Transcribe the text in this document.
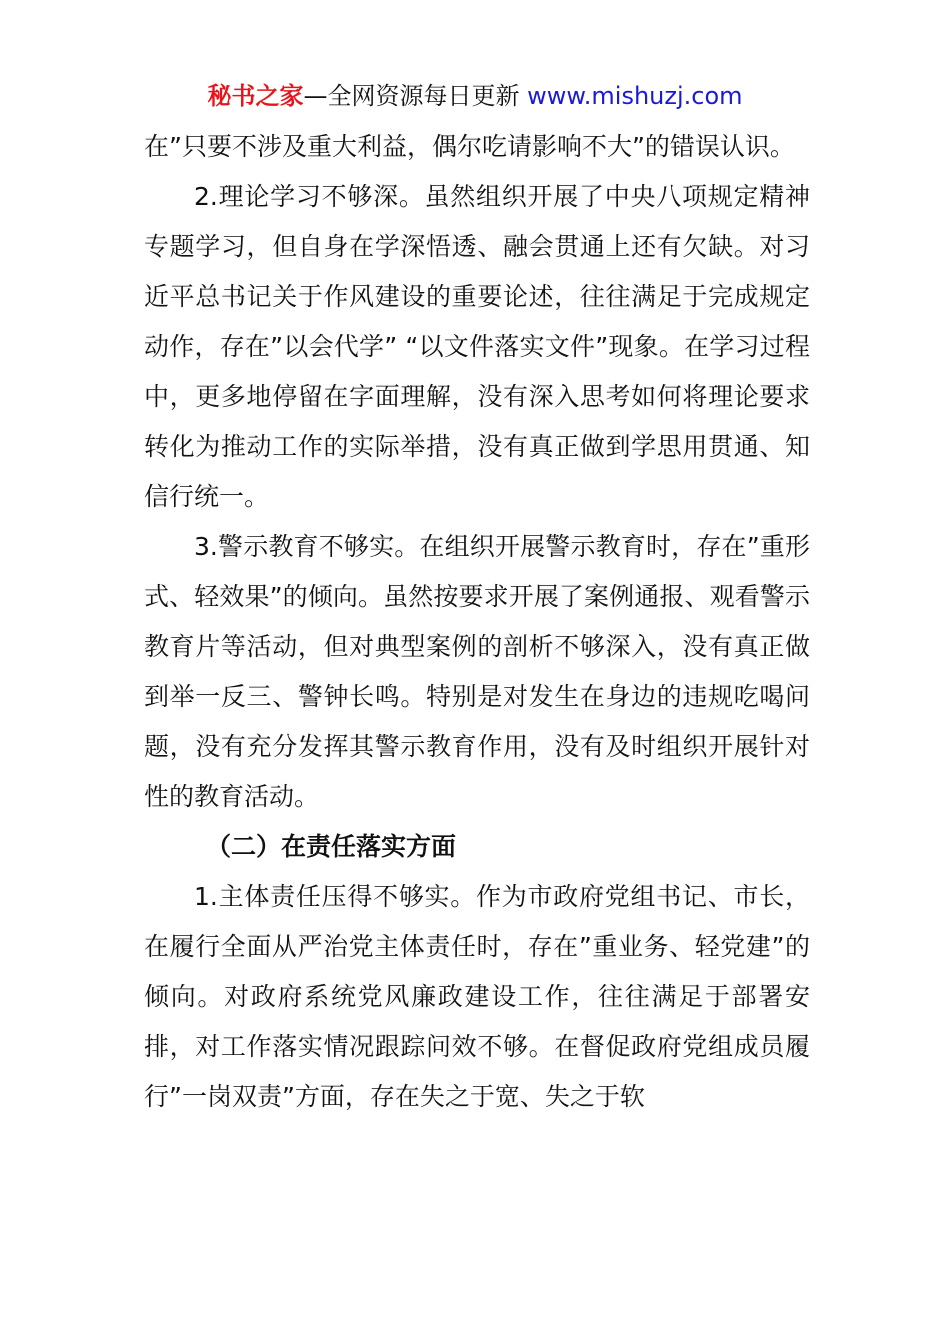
秘书之家—全网资源每日更新 www.mishuzj.com

在”只要不涉及重大利益，偶尔吃请影响不大”的错误认识。

2.理论学习不够深。虽然组织开展了中央八项规定精神专题学习，但自身在学深悟透、融会贯通上还有欠缺。对习近平总书记关于作风建设的重要论述，往往满足于完成规定动作，存在”以会代学” “以文件落实文件”现象。在学习过程中，更多地停留在字面理解，没有深入思考如何将理论要求转化为推动工作的实际举措，没有真正做到学思用贯通、知信行统一。

3.警示教育不够实。在组织开展警示教育时，存在”重形式、轻效果”的倾向。虽然按要求开展了案例通报、观看警示教育片等活动，但对典型案例的剖析不够深入，没有真正做到举一反三、警钟长鸣。特别是对发生在身边的违规吃喝问题，没有充分发挥其警示教育作用，没有及时组织开展针对性的教育活动。

（二）在责任落实方面

1.主体责任压得不够实。作为市政府党组书记、市长，在履行全面从严治党主体责任时，存在”重业务、轻党建”的倾向。对政府系统党风廉政建设工作，往往满足于部署安排，对工作落实情况跟踪问效不够。在督促政府党组成员履行”一岗双责”方面，存在失之于宽、失之于软
